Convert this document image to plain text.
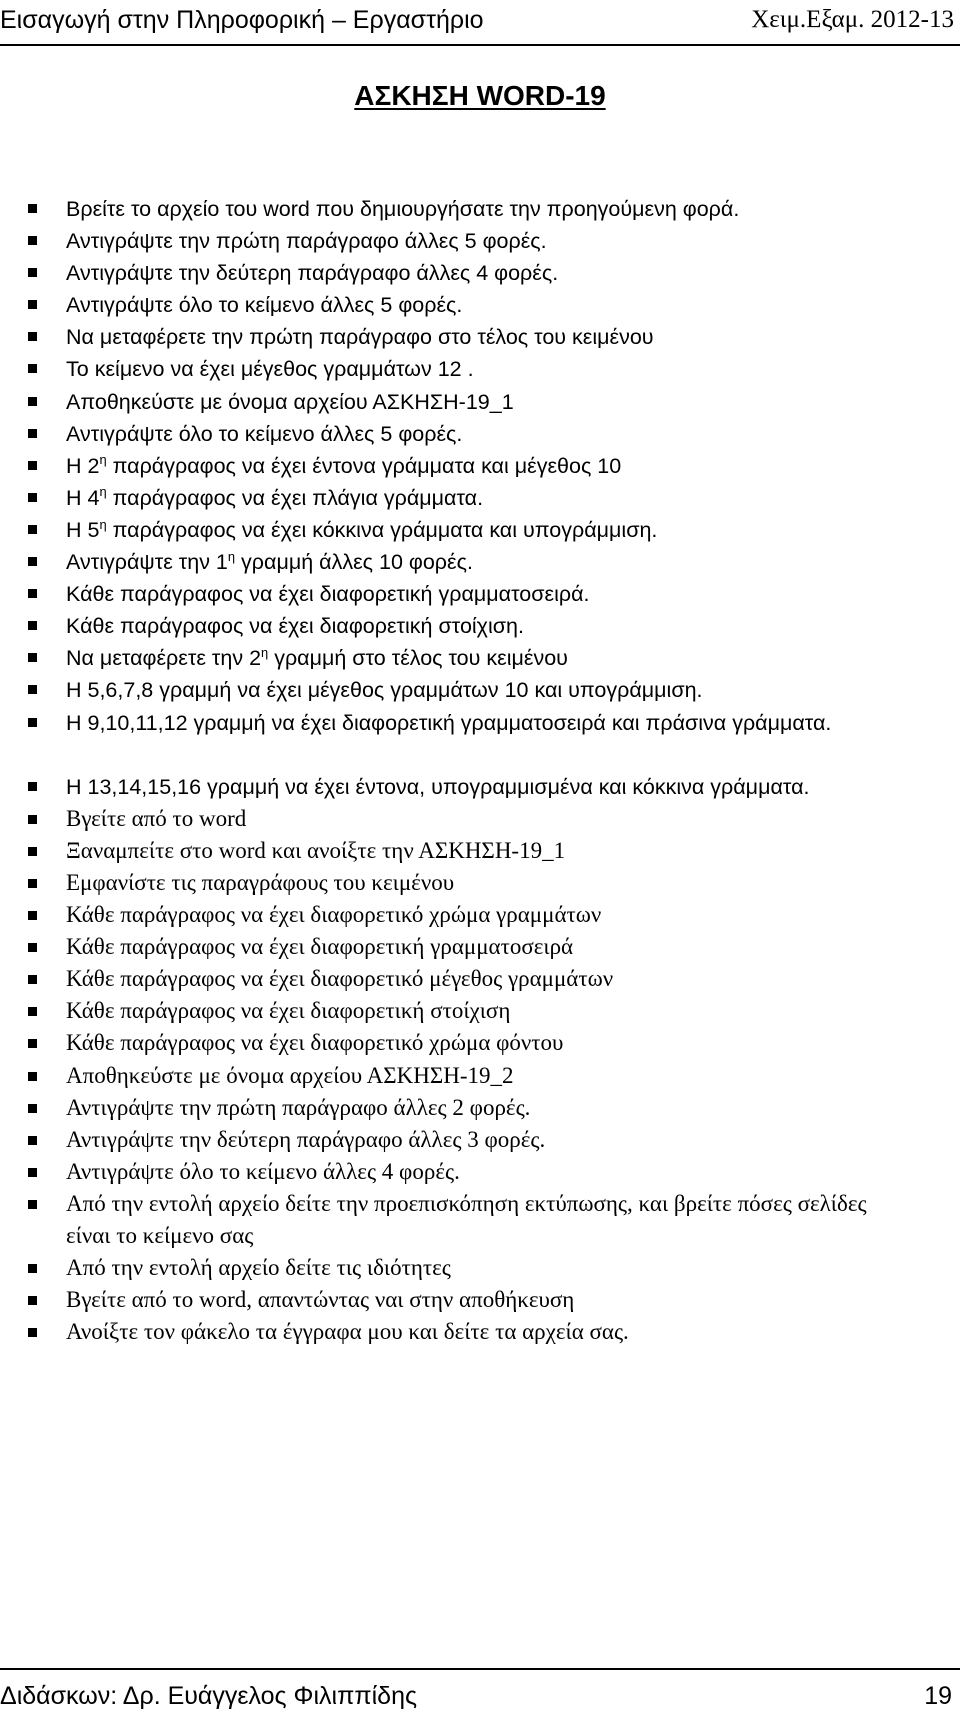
Εισαγωγή στην Πληροφορική – Εργαστήριο	Χειμ.Εξαμ. 2012-13
ΑΣΚΗΣΗ WORD-19
Βρείτε το αρχείο του word που δημιουργήσατε την προηγούμενη φορά.
Αντιγράψτε την πρώτη παράγραφο άλλες 5 φορές.
Αντιγράψτε την δεύτερη παράγραφο άλλες 4 φορές.
Αντιγράψτε όλο το κείμενο άλλες 5 φορές.
Να μεταφέρετε την πρώτη παράγραφο στο τέλος του κειμένου
Το κείμενο να έχει μέγεθος γραμμάτων 12 .
Αποθηκεύστε με όνομα αρχείου ΑΣΚΗΣΗ-19_1
Αντιγράψτε όλο το κείμενο άλλες 5 φορές.
Η $2^\eta$ παράγραφος να έχει έντονα γράμματα και μέγεθος 10
Η $4^\eta$ παράγραφος να έχει πλάγια γράμματα.
Η $5^\eta$ παράγραφος να έχει κόκκινα γράμματα και υπογράμμιση.
Αντιγράψτε την $1^\eta$ γραμμή άλλες 10 φορές.
Κάθε παράγραφος να έχει διαφορετική γραμματοσειρά.
Κάθε παράγραφος να έχει διαφορετική στοίχιση.
Να μεταφέρετε την $2^\eta$ γραμμή στο τέλος του κειμένου
Η 5,6,7,8 γραμμή να έχει μέγεθος γραμμάτων 10 και υπογράμμιση.
Η 9,10,11,12 γραμμή να έχει διαφορετική γραμματοσειρά και πράσινα γράμματα.
Η 13,14,15,16 γραμμή να έχει έντονα, υπογραμμισμένα και κόκκινα γράμματα.
Βγείτε από το word
Ξαναμπείτε στο word και ανοίξτε την ΑΣΚΗΣΗ-19_1
Εμφανίστε τις παραγράφους του κειμένου
Κάθε παράγραφος να έχει διαφορετικό χρώμα γραμμάτων
Κάθε παράγραφος να έχει διαφορετική γραμματοσειρά
Κάθε παράγραφος να έχει διαφορετικό μέγεθος γραμμάτων
Κάθε παράγραφος να έχει διαφορετική στοίχιση
Κάθε παράγραφος να έχει διαφορετικό χρώμα φόντου
Αποθηκεύστε με όνομα αρχείου ΑΣΚΗΣΗ-19_2
Αντιγράψτε την πρώτη παράγραφο άλλες 2 φορές.
Αντιγράψτε την δεύτερη παράγραφο άλλες 3 φορές.
Αντιγράψτε όλο το κείμενο άλλες 4 φορές.
Από την εντολή αρχείο δείτε την προεπισκόπηση εκτύπωσης, και βρείτε πόσες σελίδες είναι το κείμενο σας
Από την εντολή αρχείο δείτε τις ιδιότητες
Βγείτε από το word, απαντώντας ναι στην αποθήκευση
Ανοίξτε τον φάκελο τα έγγραφα μου και δείτε τα αρχεία σας.
Διδάσκων: Δρ. Ευάγγελος Φιλιππίδης	19
